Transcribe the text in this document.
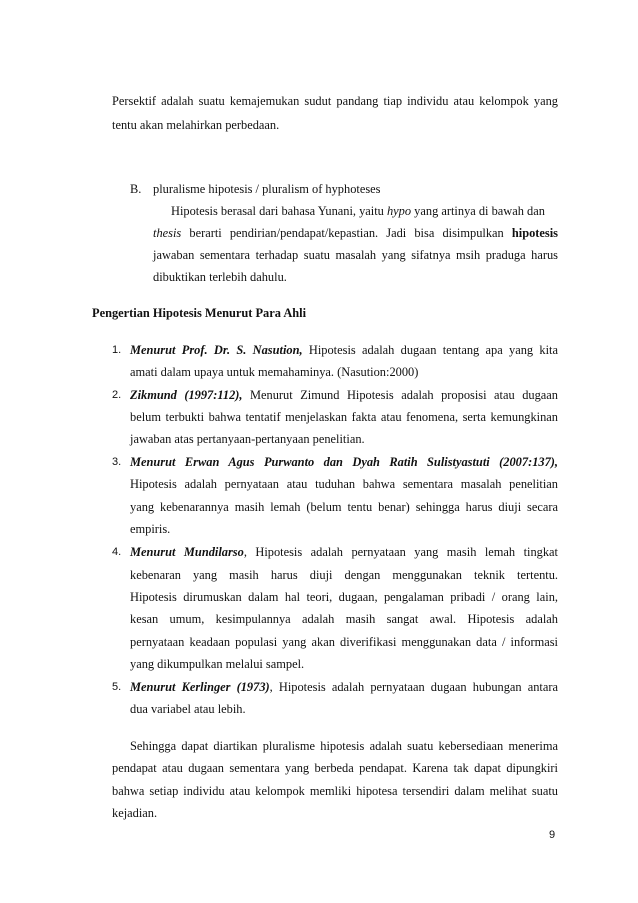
Persektif adalah suatu kemajemukan sudut pandang tiap individu atau kelompok yang
tentu akan melahirkan perbedaan.
B. pluralisme hipotesis / pluralism of hyphoteses
Hipotesis berasal dari bahasa Yunani, yaitu hypo yang artinya di bawah dan
thesis berarti pendirian/pendapat/kepastian. Jadi bisa disimpulkan hipotesis
jawaban sementara terhadap suatu masalah yang sifatnya msih praduga harus
dibuktikan terlebih dahulu.
Pengertian Hipotesis Menurut Para Ahli
1. Menurut Prof. Dr. S. Nasution, Hipotesis adalah dugaan tentang apa yang kita
amati dalam upaya untuk memahaminya. (Nasution:2000)
2. Zikmund (1997:112), Menurut Zimund Hipotesis adalah proposisi atau dugaan
belum terbukti bahwa tentatif menjelaskan fakta atau fenomena, serta kemungkinan
jawaban atas pertanyaan-pertanyaan penelitian.
3. Menurut Erwan Agus Purwanto dan Dyah Ratih Sulistyastuti (2007:137),
Hipotesis adalah pernyataan atau tuduhan bahwa sementara masalah penelitian
yang kebenarannya masih lemah (belum tentu benar) sehingga harus diuji secara
empiris.
4. Menurut Mundilarso, Hipotesis adalah pernyataan yang masih lemah tingkat
kebenaran yang masih harus diuji dengan menggunakan teknik tertentu.
Hipotesis dirumuskan dalam hal teori, dugaan, pengalaman pribadi / orang lain,
kesan umum, kesimpulannya adalah masih sangat awal. Hipotesis adalah
pernyataan keadaan populasi yang akan diverifikasi menggunakan data / informasi
yang dikumpulkan melalui sampel.
5. Menurut Kerlinger (1973), Hipotesis adalah pernyataan dugaan hubungan antara
dua variabel atau lebih.
Sehingga dapat diartikan pluralisme hipotesis adalah suatu kebersediaan menerima
pendapat atau dugaan sementara yang berbeda pendapat. Karena tak dapat dipungkiri
bahwa setiap individu atau kelompok memliki hipotesa tersendiri dalam melihat suatu
kejadian.
9
